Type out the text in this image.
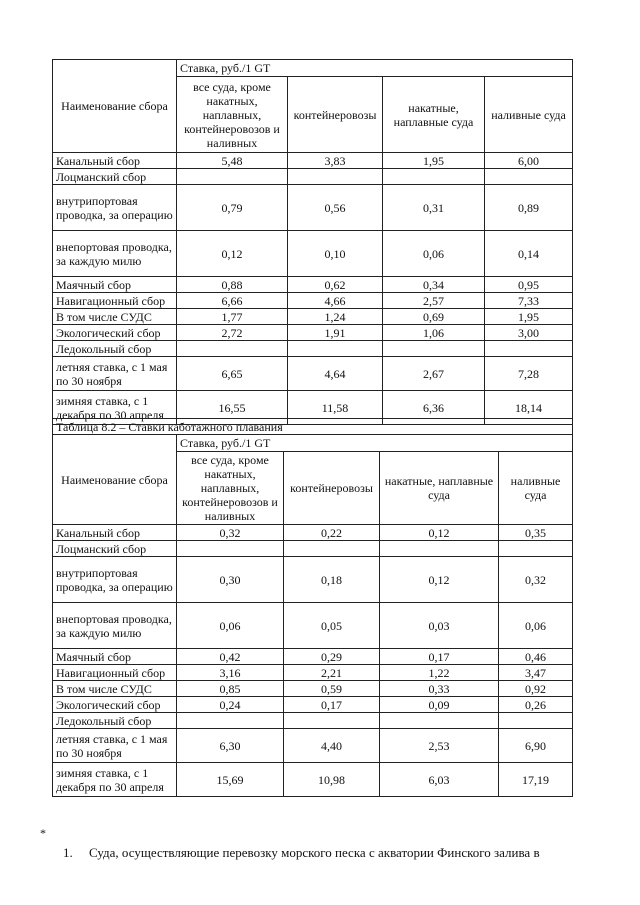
Наименование сбора	Ставка, руб./1 GT			
	все суда, кроме накатных, наплавных, контейнеровозов и наливных	контейнеровозы	накатные, наплавные суда	наливные суда
Канальный сбор	5,48	3,83	1,95	6,00
Лоцманский сбор				
внутрипортовая проводка, за операцию	0,79	0,56	0,31	0,89
внепортовая проводка, за каждую милю	0,12	0,10	0,06	0,14
Маячный сбор	0,88	0,62	0,34	0,95
Навигационный сбор	6,66	4,66	2,57	7,33
В том числе СУДС	1,77	1,24	0,69	1,95
Экологический сбор	2,72	1,91	1,06	3,00
Ледокольный сбор				
летняя ставка, с 1 мая по 30 ноября	6,65	4,64	2,67	7,28
зимняя ставка, с 1 декабря по 30 апреля	16,55	11,58	6,36	18,14
Таблица 8.2 – Ставки каботажного плавания				
Наименование сбора	Ставка, руб./1 GT			
	все суда, кроме накатных, наплавных, контейнеровозов и наливных	контейнеровозы	накатные, наплавные суда	наливные суда
Канальный сбор	0,32	0,22	0,12	0,35
Лоцманский сбор				
внутрипортовая проводка, за операцию	0,30	0,18	0,12	0,32
внепортовая проводка, за каждую милю	0,06	0,05	0,03	0,06
Маячный сбор	0,42	0,29	0,17	0,46
Навигационный сбор	3,16	2,21	1,22	3,47
В том числе СУДС	0,85	0,59	0,33	0,92
Экологический сбор	0,24	0,17	0,09	0,26
Ледокольный сбор				
летняя ставка, с 1 мая по 30 ноября	6,30	4,40	2,53	6,90
зимняя ставка, с 1 декабря по 30 апреля	15,69	10,98	6,03	17,19
*
1. Суда, осуществляющие перевозку морского песка с акватории Финского залива в
